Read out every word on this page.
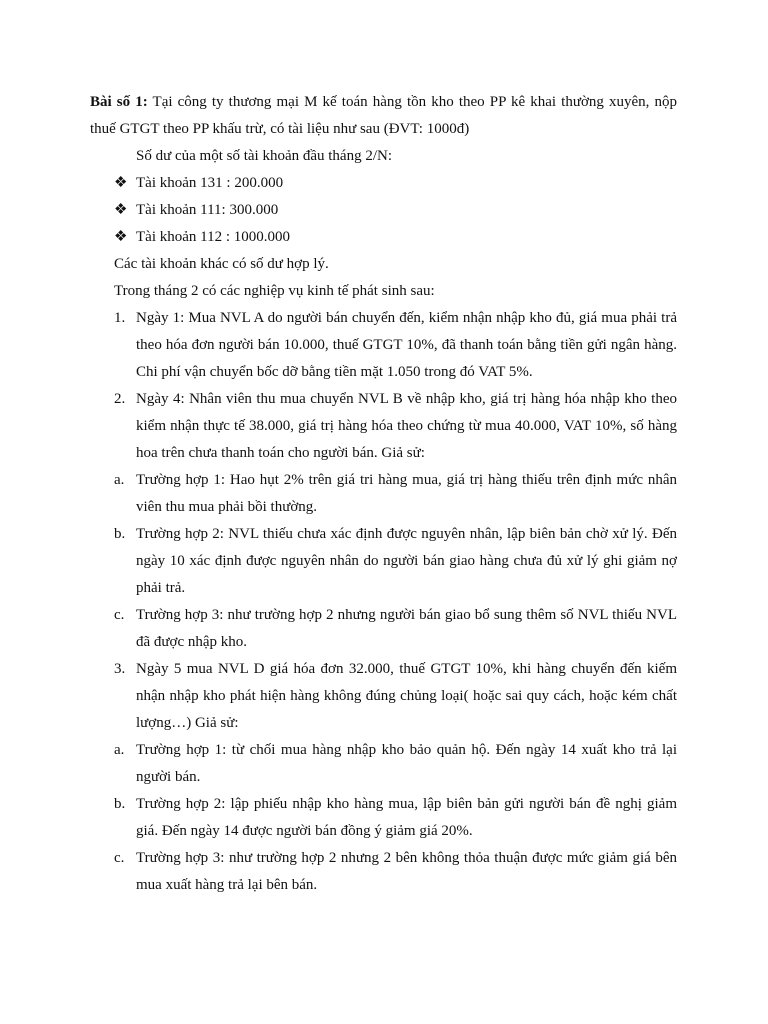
Bài số 1: Tại công ty thương mại M kế toán hàng tồn kho theo PP kê khai thường xuyên, nộp thuế GTGT theo PP khấu trừ, có tài liệu như sau (ĐVT: 1000đ)
Số dư của một số tài khoản đầu tháng 2/N:
❖ Tài khoản 131 : 200.000
❖ Tài khoản 111: 300.000
❖ Tài khoản 112 : 1000.000
Các tài khoản khác có số dư hợp lý.
Trong tháng 2 có các nghiệp vụ kinh tế phát sinh sau:
1. Ngày 1: Mua NVL A do người bán chuyển đến, kiểm nhận nhập kho đủ, giá mua phải trả theo hóa đơn người bán 10.000, thuế GTGT 10%, đã thanh toán bằng tiền gửi ngân hàng. Chi phí vận chuyển bốc dỡ bằng tiền mặt 1.050 trong đó VAT 5%.
2. Ngày 4: Nhân viên thu mua chuyển NVL B về nhập kho, giá trị hàng hóa nhập kho theo kiểm nhận thực tế 38.000, giá trị hàng hóa theo chứng từ mua 40.000, VAT 10%, số hàng hoa trên chưa thanh toán cho người bán. Giả sử:
a. Trường hợp 1: Hao hụt 2% trên giá tri hàng mua, giá trị hàng thiếu trên định mức nhân viên thu mua phải bồi thường.
b. Trường hợp 2: NVL thiếu chưa xác định được nguyên nhân, lập biên bản chờ xử lý. Đến ngày 10 xác định được nguyên nhân do người bán giao hàng chưa đủ xử lý ghi giảm nợ phải trả.
c. Trường hợp 3: như trường hợp 2 nhưng người bán giao bổ sung thêm số NVL thiếu NVL đã được nhập kho.
3. Ngày 5 mua NVL D giá hóa đơn 32.000, thuế GTGT 10%, khi hàng chuyển đến kiếm nhận nhập kho phát hiện hàng không đúng chủng loại( hoặc sai quy cách, hoặc kém chất lượng…) Giả sử:
a. Trường hợp 1: từ chối mua hàng nhập kho bảo quản hộ. Đến ngày 14 xuất kho trả lại người bán.
b. Trường hợp 2: lập phiếu nhập kho hàng mua, lập biên bản gửi người bán đề nghị giảm giá. Đến ngày 14 được người bán đồng ý giảm giá 20%.
c. Trường hợp 3: như trường hợp 2 nhưng 2 bên không thỏa thuận được mức giảm giá bên mua xuất hàng trả lại bên bán.
